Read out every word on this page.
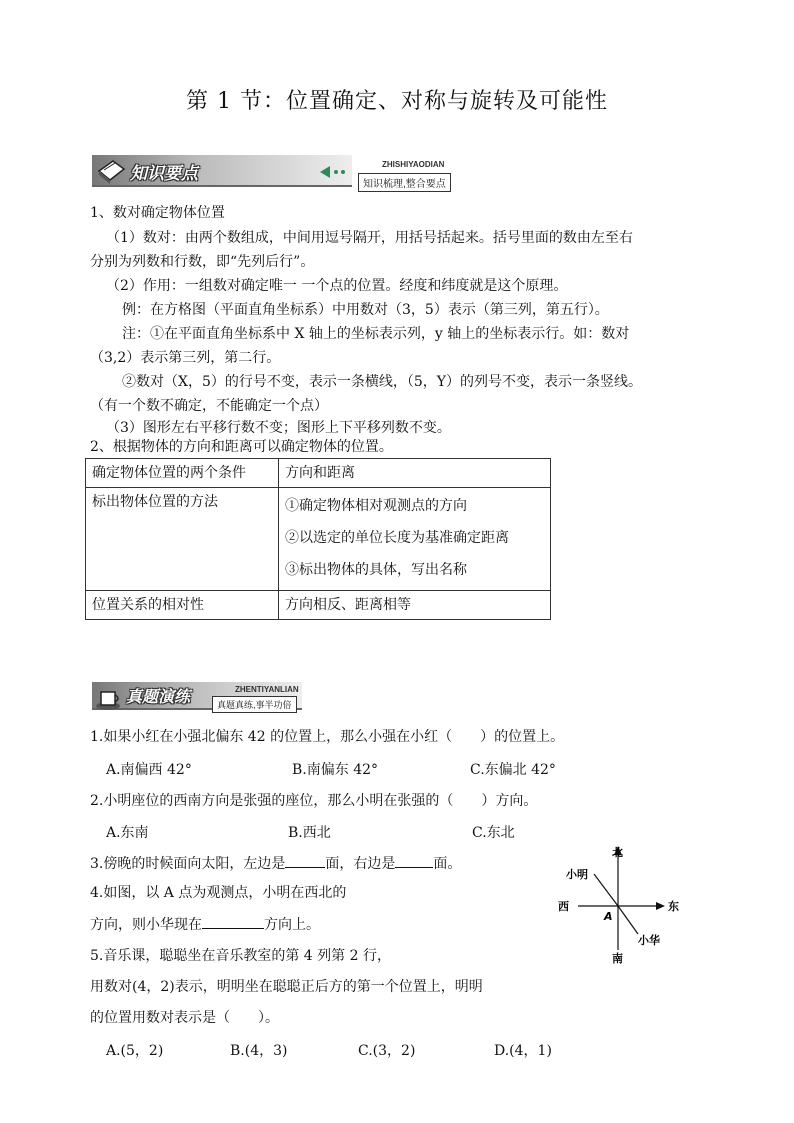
第 1 节：位置确定、对称与旋转及可能性
知识要点	ZHISHIYAODIAN
知识梳理,整合要点
1、数对确定物体位置
（1）数对：由两个数组成，中间用逗号隔开，用括号括起来。括号里面的数由左至右
分别为列数和行数，即“先列后行”。
（2）作用：一组数对确定唯一 一个点的位置。经度和纬度就是这个原理。
例：在方格图（平面直角坐标系）中用数对（3，5）表示（第三列，第五行）。
注：①在平面直角坐标系中 X 轴上的坐标表示列，y 轴上的坐标表示行。如：数对
（3,2）表示第三列，第二行。
②数对（X，5）的行号不变，表示一条横线，（5，Y）的列号不变，表示一条竖线。
（有一个数不确定，不能确定一个点）
（3）图形左右平移行数不变；图形上下平移列数不变。
2、根据物体的方向和距离可以确定物体的位置。
确定物体位置的两个条件	方向和距离
标出物体位置的方法	①确定物体相对观测点的方向
②以选定的单位长度为基准确定距离
③标出物体的具体，写出名称

位置关系的相对性	方向相反、距离相等
真题演练	ZHENTIYANLIAN
真题真练,事半功倍
1.如果小红在小强北偏东 42 的位置上，那么小强在小红（　　）的位置上。
A.南偏西 42°	B.南偏东 42°	C.东偏北 42°
2.小明座位的西南方向是张强的座位，那么小明在张强的（　　）方向。
A.东南	B.西北	C.东北
3.傍晚的时候面向太阳，左边是	面，右边是	面。
4.如图，以 A 点为观测点，小明在西北的
方向，则小华现在	方向上。
5.音乐课，聪聪坐在音乐教室的第 4 列第 2 行，
用数对(4，2)表示，明明坐在聪聪正后方的第一个位置上，明明
的位置用数对表示是（　　）。
A.(5，2)	B.(4，3)	C.(3，2)	D.(4，1)
北
南
西	东
A
小明
小华
